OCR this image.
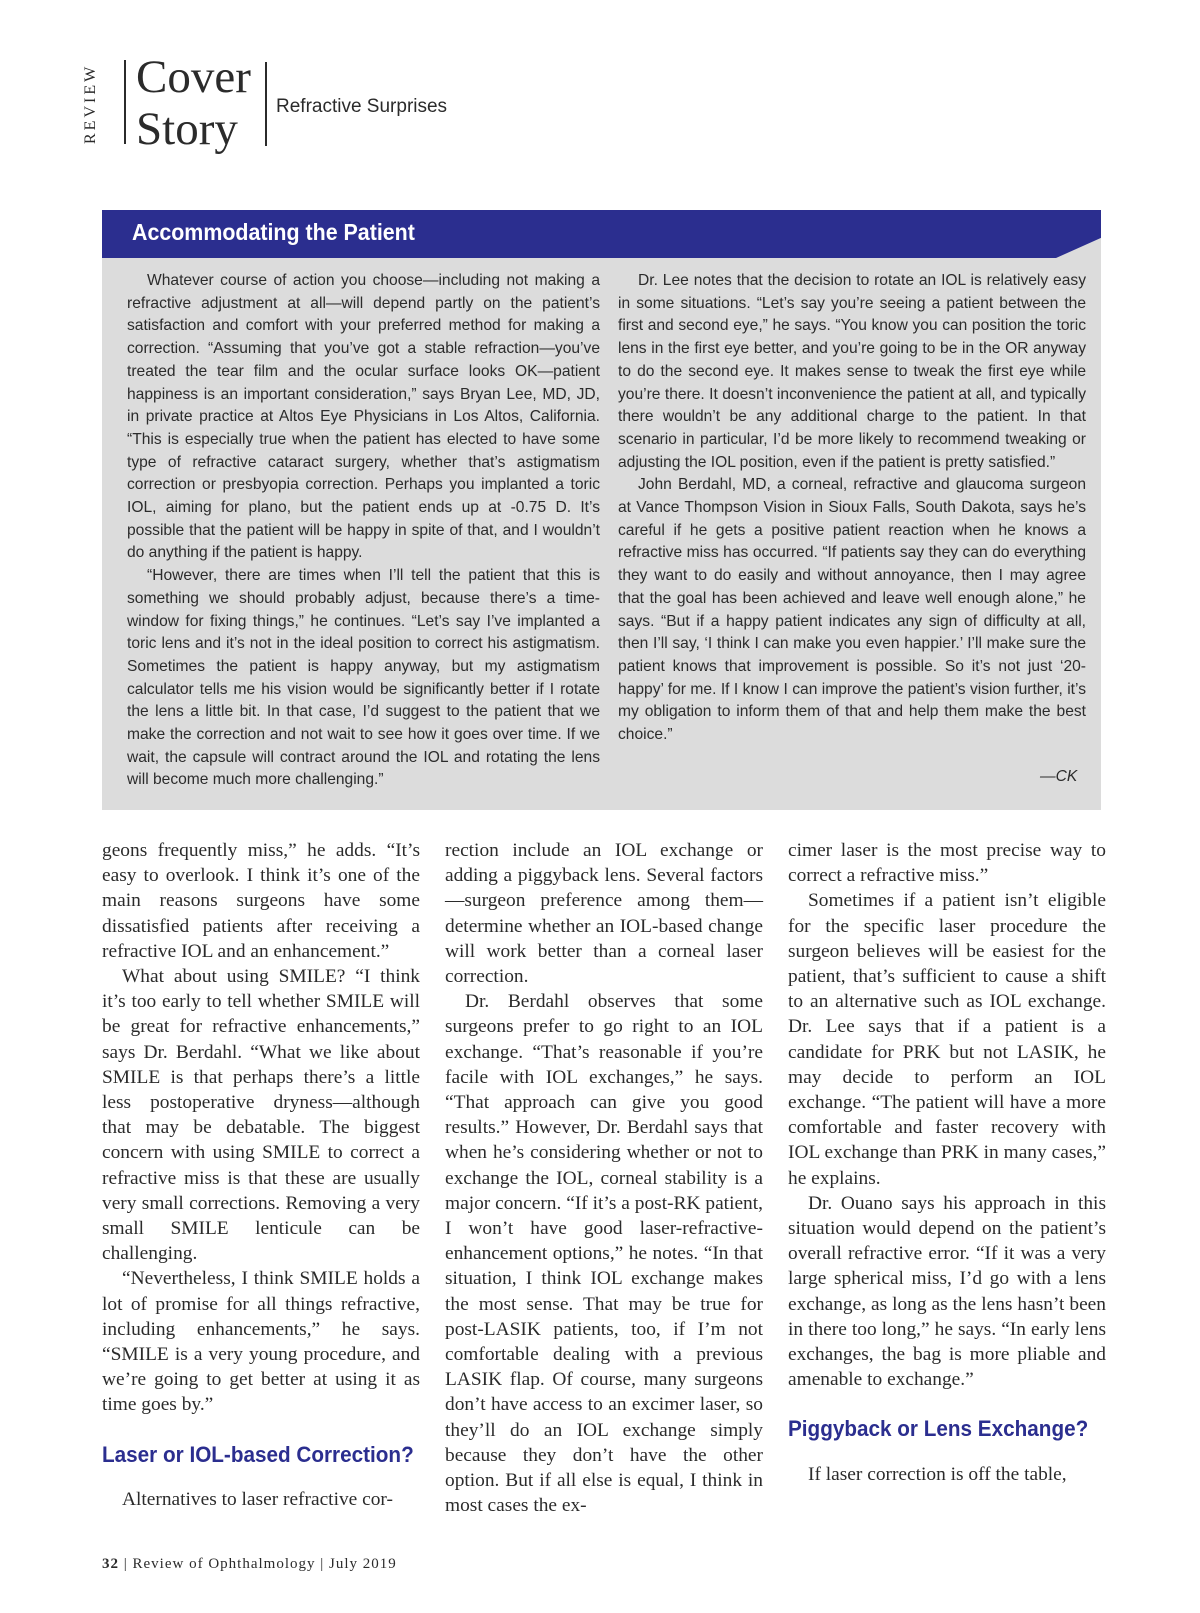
REVIEW Cover
Story Refractive Surprises
Accommodating the Patient

Whatever course of action you choose—including not making a refractive adjustment at all—will depend partly on the patient’s satisfaction and comfort with your preferred method for making a correction. “Assuming that you’ve got a stable refraction—you’ve treated the tear film and the ocular surface looks OK—patient happiness is an important consideration,” says Bryan Lee, MD, JD, in private practice at Altos Eye Physicians in Los Altos, California. “This is especially true when the patient has elected to have some type of refractive cataract surgery, whether that’s astigmatism correction or presbyopia correction. Perhaps you implanted a toric IOL, aiming for plano, but the patient ends up at -0.75 D. It’s possible that the patient will be happy in spite of that, and I wouldn’t do anything if the patient is happy.

“However, there are times when I’ll tell the patient that this is something we should probably adjust, because there’s a time-window for fixing things,” he continues. “Let’s say I’ve implanted a toric lens and it’s not in the ideal position to correct his astigmatism. Sometimes the patient is happy anyway, but my astigmatism calculator tells me his vision would be significantly better if I rotate the lens a little bit. In that case, I’d suggest to the patient that we make the correction and not wait to see how it goes over time. If we wait, the capsule will contract around the IOL and rotating the lens will become much more challenging.”

Dr. Lee notes that the decision to rotate an IOL is relatively easy in some situations. “Let’s say you’re seeing a patient between the first and second eye,” he says. “You know you can position the toric lens in the first eye better, and you’re going to be in the OR anyway to do the second eye. It makes sense to tweak the first eye while you’re there. It doesn’t inconvenience the patient at all, and typically there wouldn’t be any additional charge to the patient. In that scenario in particular, I’d be more likely to recommend tweaking or adjusting the IOL position, even if the patient is pretty satisfied.”

John Berdahl, MD, a corneal, refractive and glaucoma surgeon at Vance Thompson Vision in Sioux Falls, South Dakota, says he’s careful if he gets a positive patient reaction when he knows a refractive miss has occurred. “If patients say they can do everything they want to do easily and without annoyance, then I may agree that the goal has been achieved and leave well enough alone,” he says. “But if a happy patient indicates any sign of difficulty at all, then I’ll say, ‘I think I can make you even happier.’ I’ll make sure the patient knows that improvement is possible. So it’s not just ‘20-happy’ for me. If I know I can improve the patient’s vision further, it’s my obligation to inform them of that and help them make the best choice.”

—CK

geons frequently miss,” he adds. “It’s easy to overlook. I think it’s one of the main reasons surgeons have some dissatisfied patients after receiving a refractive IOL and an enhancement.”

What about using SMILE? “I think it’s too early to tell whether SMILE will be great for refractive enhancements,” says Dr. Berdahl. “What we like about SMILE is that perhaps there’s a little less postoperative dryness—although that may be debatable. The biggest concern with using SMILE to correct a refractive miss is that these are usually very small corrections. Removing a very small SMILE lenticule can be challenging.

“Nevertheless, I think SMILE holds a lot of promise for all things refractive, including enhancements,” he says. “SMILE is a very young procedure, and we’re going to get better at using it as time goes by.”

Laser or IOL-based Correction?

Alternatives to laser refractive cor-

rection include an IOL exchange or adding a piggyback lens. Several factors—surgeon preference among them—determine whether an IOL-based change will work better than a corneal laser correction.

Dr. Berdahl observes that some surgeons prefer to go right to an IOL exchange. “That’s reasonable if you’re facile with IOL exchanges,” he says. “That approach can give you good results.” However, Dr. Berdahl says that when he’s considering whether or not to exchange the IOL, corneal stability is a major concern. “If it’s a post-RK patient, I won’t have good laser-refractive-enhancement options,” he notes. “In that situation, I think IOL exchange makes the most sense. That may be true for post-LASIK patients, too, if I’m not comfortable dealing with a previous LASIK flap. Of course, many surgeons don’t have access to an excimer laser, so they’ll do an IOL exchange simply because they don’t have the other option. But if all else is equal, I think in most cases the ex-

cimer laser is the most precise way to correct a refractive miss.”

Sometimes if a patient isn’t eligible for the specific laser procedure the surgeon believes will be easiest for the patient, that’s sufficient to cause a shift to an alternative such as IOL exchange. Dr. Lee says that if a patient is a candidate for PRK but not LASIK, he may decide to perform an IOL exchange. “The patient will have a more comfortable and faster recovery with IOL exchange than PRK in many cases,” he explains.

Dr. Ouano says his approach in this situation would depend on the patient’s overall refractive error. “If it was a very large spherical miss, I’d go with a lens exchange, as long as the lens hasn’t been in there too long,” he says. “In early lens exchanges, the bag is more pliable and amenable to exchange.”

Piggyback or Lens Exchange?

If laser correction is off the table,

32 | Review of Ophthalmology | July 2019
